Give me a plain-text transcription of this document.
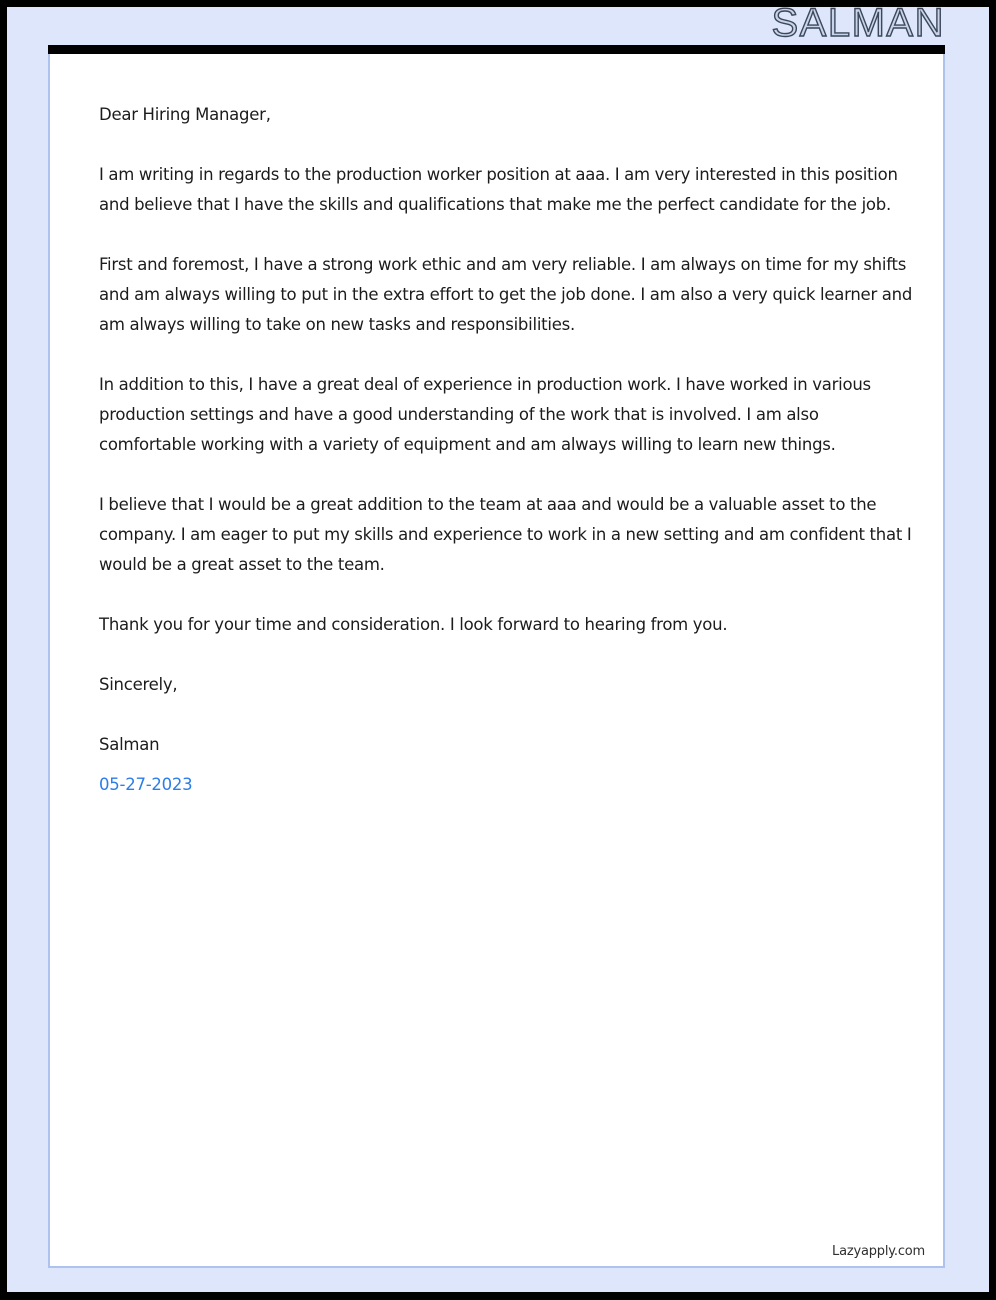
SALMAN

Dear Hiring Manager,

I am writing in regards to the production worker position at aaa. I am very interested in this position and believe that I have the skills and qualifications that make me the perfect candidate for the job.

First and foremost, I have a strong work ethic and am very reliable. I am always on time for my shifts and am always willing to put in the extra effort to get the job done. I am also a very quick learner and am always willing to take on new tasks and responsibilities.

In addition to this, I have a great deal of experience in production work. I have worked in various production settings and have a good understanding of the work that is involved. I am also comfortable working with a variety of equipment and am always willing to learn new things.

I believe that I would be a great addition to the team at aaa and would be a valuable asset to the company. I am eager to put my skills and experience to work in a new setting and am confident that I would be a great asset to the team.

Thank you for your time and consideration. I look forward to hearing from you.

Sincerely,

Salman

05-27-2023

Lazyapply.com
